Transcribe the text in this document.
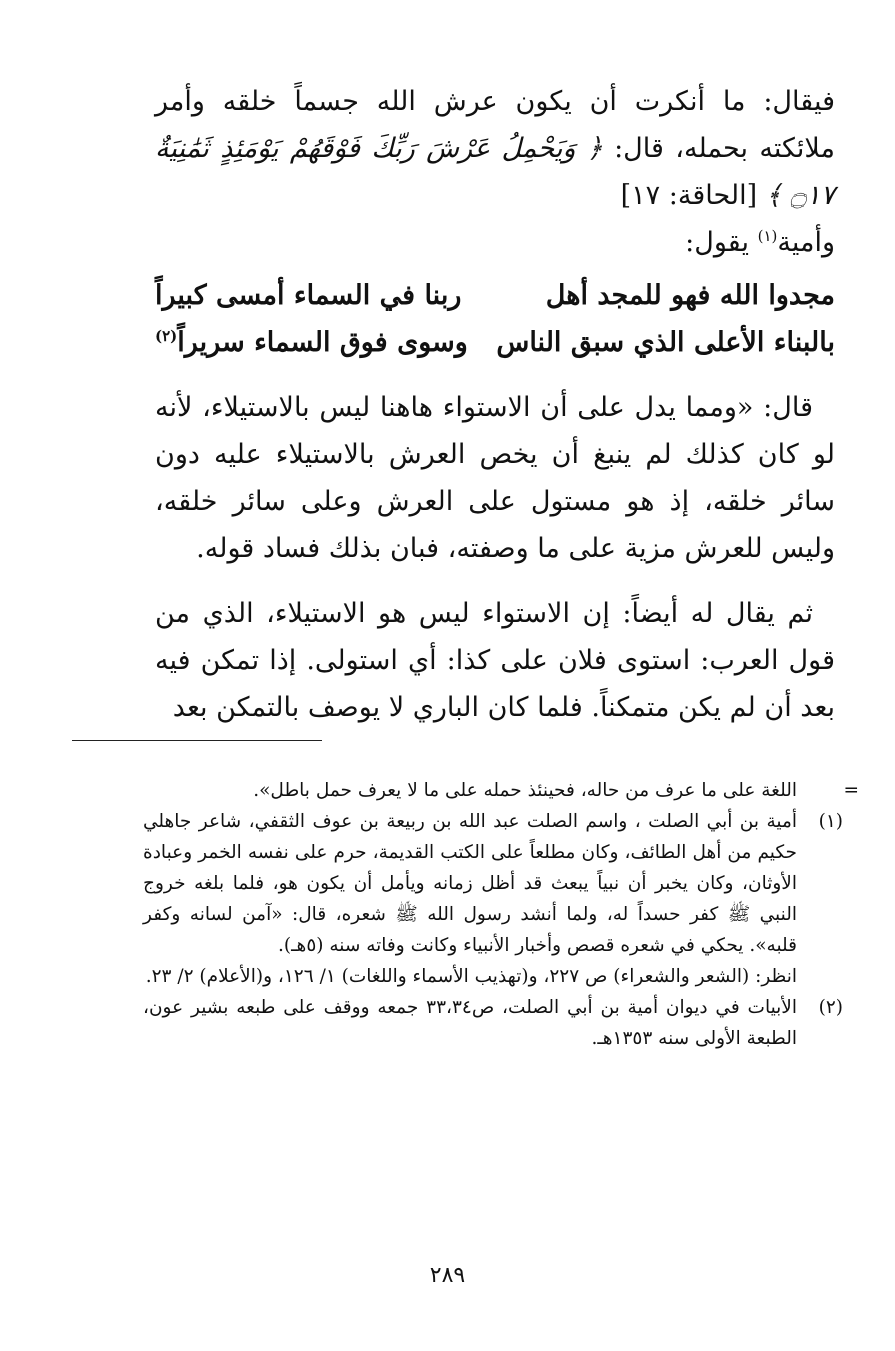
فيقال: ما أنكرت أن يكون عرش الله جسماً خلقه وأمر ملائكته بحمله، قال: ﴿ وَيَحْمِلُ عَرْشَ رَبِّكَ فَوْقَهُمْ يَوْمَئِذٍ ثَمَٰنِيَةٌ ۝١٧ ﴾ [الحاقة: ١٧]

وأمية$^{(١)}$ يقول:

مجدوا الله فهو للمجد أهل
ربنا في السماء أمسى كبيراً
بالبناء الأعلى الذي سبق الناس
وسوى فوق السماء سريراً$^{(٢)}$

قال: «ومما يدل على أن الاستواء هاهنا ليس بالاستيلاء، لأنه لو كان كذلك لم ينبغ أن يخص العرش بالاستيلاء عليه دون سائر خلقه، إذ هو مستول على العرش وعلى سائر خلقه، وليس للعرش مزية على ما وصفته، فبان بذلك فساد قوله.

ثم يقال له أيضاً: إن الاستواء ليس هو الاستيلاء، الذي من قول العرب: استوى فلان على كذا: أي استولى. إذا تمكن فيه بعد أن لم يكن متمكناً. فلما كان الباري لا يوصف بالتمكن بعد

=
اللغة على ما عرف من حاله، فحينئذ حمله على ما لا يعرف حمل باطل».
(١)
أمية بن أبي الصلت ، واسم الصلت عبد الله بن ربيعة بن عوف الثقفي، شاعر جاهلي حكيم من أهل الطائف، وكان مطلعاً على الكتب القديمة، حرم على نفسه الخمر وعبادة الأوثان، وكان يخبر أن نبياً يبعث قد أظل زمانه ويأمل أن يكون هو، فلما بلغه خروج النبي ﷺ كفر حسداً له، ولما أنشد رسول الله ﷺ شعره، قال: «آمن لسانه وكفر قلبه». يحكي في شعره قصص وأخبار الأنبياء وكانت وفاته سنه (٥هـ).
انظر: (الشعر والشعراء) ص ٢٢٧، و(تهذيب الأسماء واللغات) ١/ ١٢٦، و(الأعلام) ٢/ ٢٣.
(٢)
الأبيات في ديوان أمية بن أبي الصلت، ص٣٣،٣٤ جمعه ووقف على طبعه بشير عون، الطبعة الأولى سنه ١٣٥٣هـ.
٢٨٩
